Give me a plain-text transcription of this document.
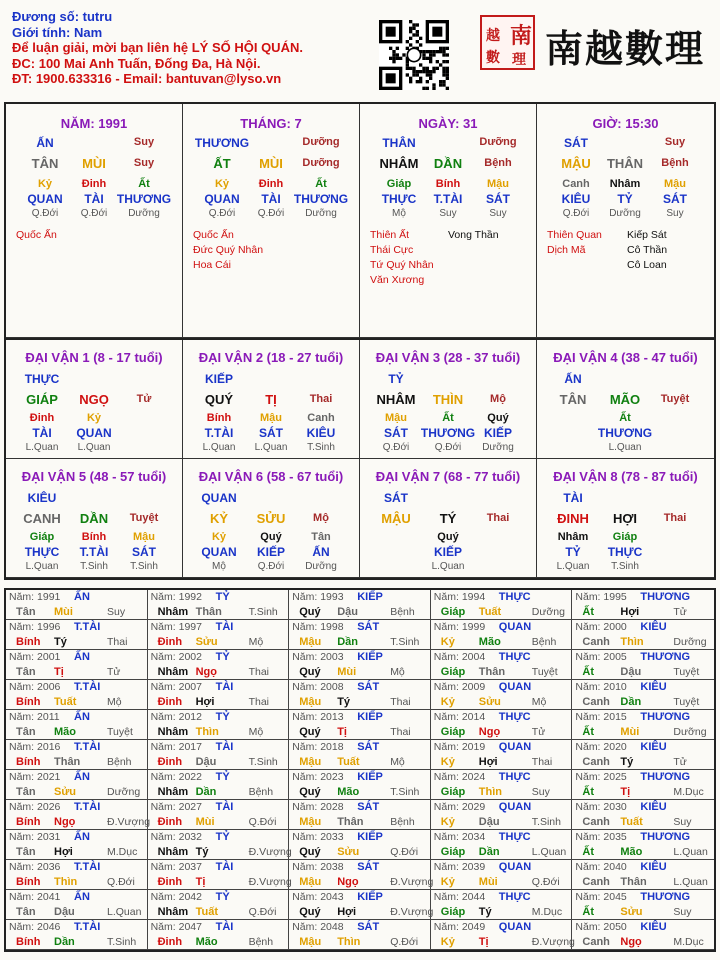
Đương số: tutru
Giới tính: Nam
Để luận giải, mời bạn liên hệ LÝ SỐ HỘI QUÁN.
ĐC: 100 Mai Anh Tuấn, Đống Đa, Hà Nội.
ĐT: 1900.633316 - Email: bantuvan@lyso.vn
南
越
數 理 南越數理
NĂM: 1991
ẤN	Suy
TÂN MÙI	Suy
Kỷ	Đinh	Ất
QUAN TÀI THƯƠNG
Q.Đới Q.Đới Dưỡng
Quốc Ấn
THÁNG: 7
THƯƠNG	Dưỡng
ẤT MÙI Dưỡng
Kỷ	Đinh	Ất
QUAN TÀI THƯƠNG
Q.Đới Q.Đới Dưỡng
Quốc Ấn
Đức Quý Nhân
Hoa Cái
NGÀY: 31
THÂN	Dưỡng
NHÂM DẦN Bệnh
Giáp Bính Mậu
THỰC T.TÀI SÁT
Mộ	Suy	Suy
Thiên Ất
Thái Cực
Tứ Quý Nhân
Văn Xương
Vong Thần
GIỜ: 15:30
SÁT	Suy
MẬU THÂN Bệnh
Canh Nhâm Mậu
KIÊU TỶ	SÁT
Q.Đới Dưỡng	Suy
Thiên Quan
Dịch Mã
Kiếp Sát
Cô Thần
Cô Loan
ĐẠI VẬN 1 (8 - 17 tuổi)
THỰC
GIÁP NGỌ	Tử
Đinh	Kỷ
TÀI QUAN
L.Quan L.Quan
ĐẠI VẬN 2 (18 - 27 tuổi)
KIẾP
QUÝ TỊ	Thai
Bính	Mậu Canh
T.TÀI SÁT KIÊU
L.Quan L.Quan T.Sinh
ĐẠI VẬN 3 (28 - 37 tuổi)
TỶ
NHÂM THÌN Mộ
Mậu	Ất	Quý
SÁT THƯƠNG KIẾP
Q.Đới	Q.Đới Dưỡng
ĐẠI VẬN 4 (38 - 47 tuổi)
ẤN
TÂN MÃO Tuyệt
Ất
THƯƠNG
L.Quan
ĐẠI VẬN 5 (48 - 57 tuổi)
KIÊU
CANH DẦN Tuyệt
Giáp	Bính Mậu
THỰC T.TÀI SÁT
L.Quan T.Sinh T.Sinh
ĐẠI VẬN 6 (58 - 67 tuổi)
QUAN
KỶ SỬU	Mộ
Kỷ	Quý	Tân
QUAN KIẾP ẤN
Mộ	Q.Đới Dưỡng
ĐẠI VẬN 7 (68 - 77 tuổi)
SÁT
MẬU TÝ	Thai
Quý
KIẾP
L.Quan
ĐẠI VẬN 8 (78 - 87 tuổi)
TÀI
ĐINH HỢI Thai
Nhâm Giáp
TỶ THỰC
L.Quan T.Sinh
Năm: 1991 ẤN
Tân Mùi	Suy
Năm: 1992 TỶ
Nhâm Thân	T.Sinh
Năm: 1993 KIẾP
Quý Dậu	Bệnh
Năm: 1994 THỰC
Giáp Tuất	Dưỡng
Năm: 1995 THƯƠNG
Ất Hợi	Tử
Năm: 1996 T.TÀI
Bính Tý	Thai
Năm: 1997 TÀI
Đinh Sửu	Mộ
Năm: 1998 SÁT
Mậu Dần	T.Sinh
Năm: 1999 QUAN
Kỷ Mão	Bệnh
Năm: 2000 KIÊU
Canh Thìn	Dưỡng
Năm: 2001 ẤN
Tân Tị	Tử
Năm: 2002 TỶ
Nhâm Ngọ	Thai
Năm: 2003 KIẾP
Quý Mùi	Mộ
Năm: 2004 THỰC
Giáp Thân	Tuyệt
Năm: 2005 THƯƠNG
Ất Dậu	Tuyệt
Năm: 2006 T.TÀI
Bính Tuất	Mộ
Năm: 2007 TÀI
Đinh Hợi	Thai
Năm: 2008 SÁT
Mậu Tý	Thai
Năm: 2009 QUAN
Kỷ Sửu	Mộ
Năm: 2010 KIÊU
Canh Dần	Tuyệt
Năm: 2011 ẤN
Tân Mão	Tuyệt
Năm: 2012 TỶ
Nhâm Thìn	Mộ
Năm: 2013 KIẾP
Quý Tị	Thai
Năm: 2014 THỰC
Giáp Ngọ	Tử
Năm: 2015 THƯƠNG
Ất Mùi	Dưỡng
Năm: 2016 T.TÀI
Bính Thân	Bệnh
Năm: 2017 TÀI
Đinh Dậu	T.Sinh
Năm: 2018 SÁT
Mậu Tuất	Mộ
Năm: 2019 QUAN
Kỷ Hợi	Thai
Năm: 2020 KIÊU
Canh Tý	Tử
Năm: 2021 ẤN
Tân Sửu	Dưỡng
Năm: 2022 TỶ
Nhâm Dần	Bệnh
Năm: 2023 KIẾP
Quý Mão	T.Sinh
Năm: 2024 THỰC
Giáp Thìn	Suy
Năm: 2025 THƯƠNG
Ất Tị	M.Dục
Năm: 2026 T.TÀI
Bính Ngọ	Đ.Vượng
Năm: 2027 TÀI
Đinh Mùi	Q.Đới
Năm: 2028 SÁT
Mậu Thân	Bệnh
Năm: 2029 QUAN
Kỷ Dậu	T.Sinh
Năm: 2030 KIÊU
Canh Tuất	Suy
Năm: 2031 ẤN
Tân Hợi	M.Dục
Năm: 2032 TỶ
Nhâm Tý	Đ.Vượng
Năm: 2033 KIẾP
Quý Sửu	Q.Đới
Năm: 2034 THỰC
Giáp Dần	L.Quan
Năm: 2035 THƯƠNG
Ất Mão	L.Quan
Năm: 2036 T.TÀI
Bính Thìn	Q.Đới
Năm: 2037 TÀI
Đinh Tị	Đ.Vượng
Năm: 2038 SÁT
Mậu Ngọ	Đ.Vượng
Năm: 2039 QUAN
Kỷ Mùi	Q.Đới
Năm: 2040 KIÊU
Canh Thân	L.Quan
Năm: 2041 ẤN
Tân Dậu	L.Quan
Năm: 2042 TỶ
Nhâm Tuất	Q.Đới
Năm: 2043 KIẾP
Quý Hợi	Đ.Vượng
Năm: 2044 THỰC
Giáp Tý	M.Dục
Năm: 2045 THƯƠNG
Ất Sửu	Suy
Năm: 2046 T.TÀI
Bính Dần	T.Sinh
Năm: 2047 TÀI
Đinh Mão	Bệnh
Năm: 2048 SÁT
Mậu Thìn	Q.Đới
Năm: 2049 QUAN
Kỷ Tị	Đ.Vượng
Năm: 2050 KIÊU
Canh Ngọ	M.Dục
